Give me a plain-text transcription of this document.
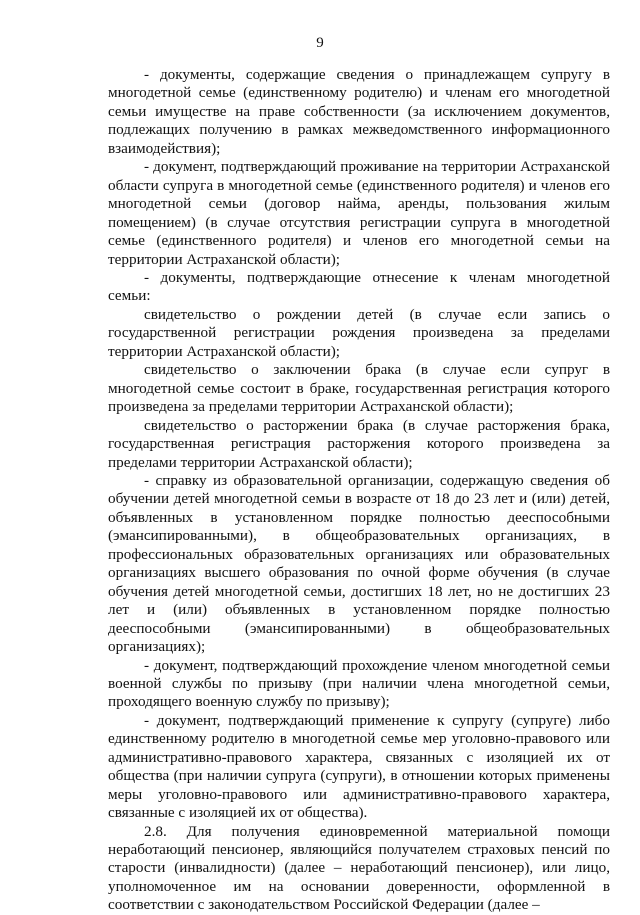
9

- документы, содержащие сведения о принадлежащем супругу в многодетной семье (единственному родителю) и членам его многодетной семьи имуществе на праве собственности (за исключением документов, подлежащих получению в рамках межведомственного информационного взаимодействия);

- документ, подтверждающий проживание на территории Астраханской области супруга в многодетной семье (единственного родителя) и членов его многодетной семьи (договор найма, аренды, пользования жилым помещением) (в случае отсутствия регистрации супруга в многодетной семье (единственного родителя) и членов его многодетной семьи на территории Астраханской области);

- документы, подтверждающие отнесение к членам многодетной семьи:

свидетельство о рождении детей (в случае если запись о государственной регистрации рождения произведена за пределами территории Астраханской области);

свидетельство о заключении брака (в случае если супруг в многодетной семье состоит в браке, государственная регистрация которого произведена за пределами территории Астраханской области);

свидетельство о расторжении брака (в случае расторжения брака, государственная регистрация расторжения которого произведена за пределами территории Астраханской области);

- справку из образовательной организации, содержащую сведения об обучении детей многодетной семьи в возрасте от 18 до 23 лет и (или) детей, объявленных в установленном порядке полностью дееспособными (эмансипированными), в общеобразовательных организациях, в профессиональных образовательных организациях или образовательных организациях высшего образования по очной форме обучения (в случае обучения детей многодетной семьи, достигших 18 лет, но не достигших 23 лет и (или) объявленных в установленном порядке полностью дееспособными (эмансипированными) в общеобразовательных организациях);

- документ, подтверждающий прохождение членом многодетной семьи военной службы по призыву (при наличии члена многодетной семьи, проходящего военную службу по призыву);

- документ, подтверждающий применение к супругу (супруге) либо единственному родителю в многодетной семье мер уголовно-правового или административно-правового характера, связанных с изоляцией их от общества (при наличии супруга (супруги), в отношении которых применены меры уголовно-правового или административно-правового характера, связанные с изоляцией их от общества).

2.8. Для получения единовременной материальной помощи неработающий пенсионер, являющийся получателем страховых пенсий по старости (инвалидности) (далее – неработающий пенсионер), или лицо, уполномоченное им на основании доверенности, оформленной в соответствии с законодательством Российской Федерации (далее –
